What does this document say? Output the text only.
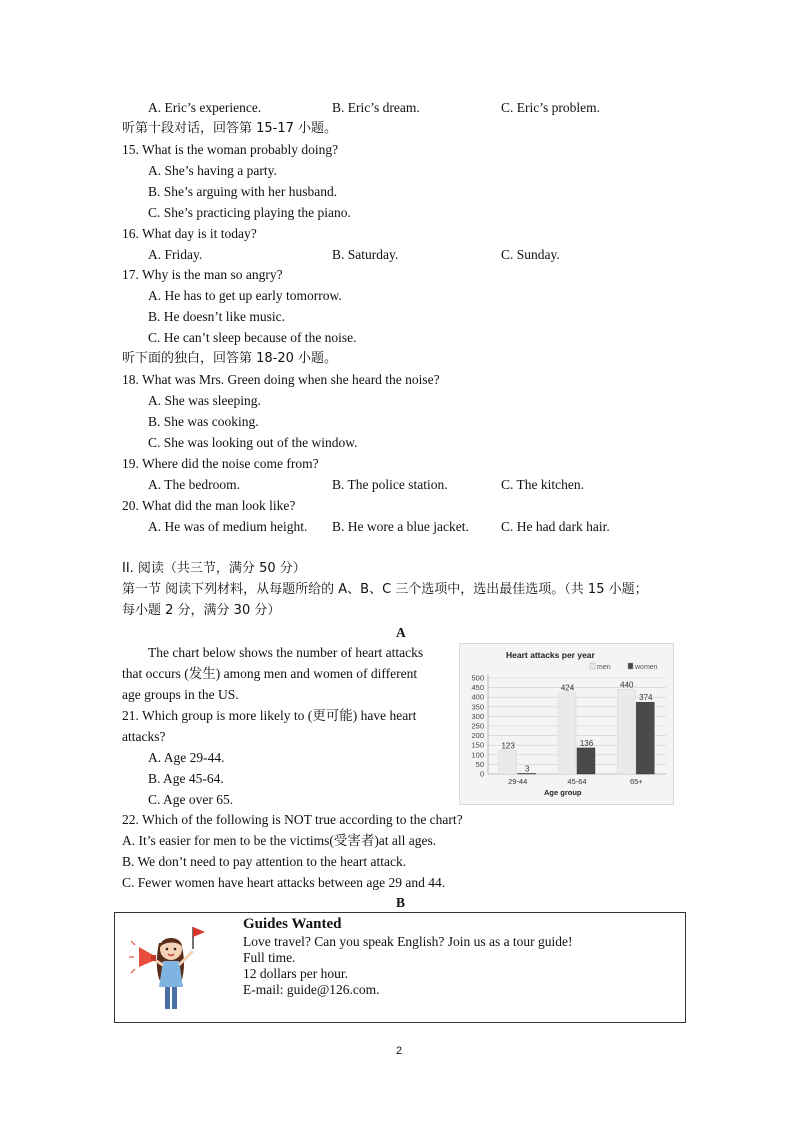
A. Eric’s experience.	B. Eric’s dream.	C. Eric’s problem.
听第十段对话，回答第 15-17 小题。
15. What is the woman probably doing?
A. She’s having a party.
B. She’s arguing with her husband.
C. She’s practicing playing the piano.
16. What day is it today?
A. Friday.	B. Saturday.	C. Sunday.
17. Why is the man so angry?
A. He has to get up early tomorrow.
B. He doesn’t like music.
C. He can’t sleep because of the noise.
听下面的独白，回答第 18-20 小题。
18. What was Mrs. Green doing when she heard the noise?
A. She was sleeping.
B. She was cooking.
C. She was looking out of the window.
19. Where did the noise come from?
A. The bedroom.	B. The police station.	C. The kitchen.
20. What did the man look like?
A. He was of medium height. B. He wore a blue jacket. C. He had dark hair.
II. 阅读（共三节，满分 50 分）
第一节 阅读下列材料，从每题所给的 A、B、C 三个选项中，选出最佳选项。（共 15 小题；
每小题 2 分，满分 30 分）
A
The chart below shows the number of heart attacks
that occurs (发生) among men and women of different
age groups in the US.
21. Which group is more likely to (更可能) have heart
attacks?
A. Age 29-44.
B. Age 45-64.
C. Age over 65.
Heart attacks per year
men	women
0
50
100
150
200
250
300
350
400
450
500
123
3
29-44
424
136
45-64
440
374
65+
Age group
22. Which of the following is NOT true according to the chart?
A. It’s easier for men to be the victims(受害者)at all ages.
B. We don’t need to pay attention to the heart attack.
C. Fewer women have heart attacks between age 29 and 44.
B
Guides Wanted
Love travel? Can you speak English? Join us as a tour guide!
Full time.
12 dollars per hour.
E-mail: guide@126.com.
2
